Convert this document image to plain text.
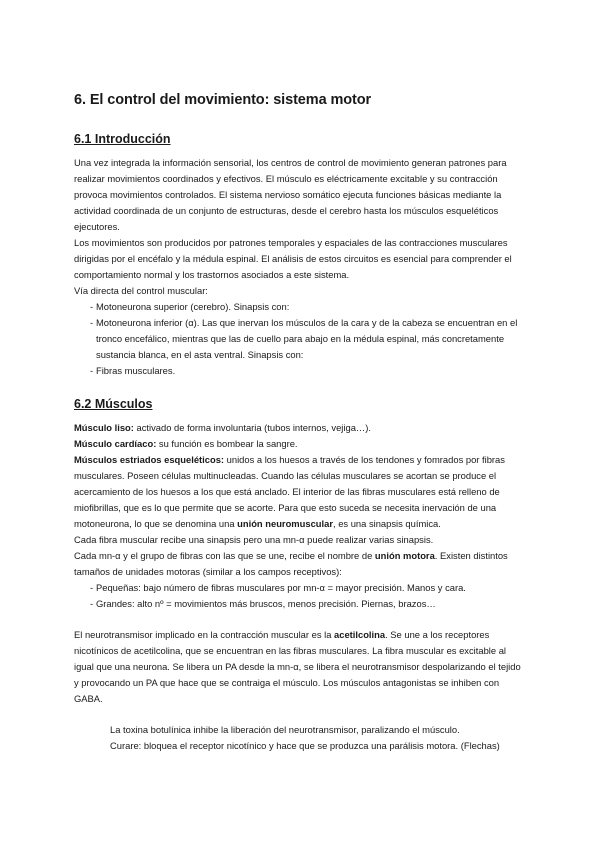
6. El control del movimiento: sistema motor
6.1 Introducción

Una vez integrada la información sensorial, los centros de control de movimiento generan patrones para realizar movimientos coordinados y efectivos. El músculo es eléctricamente excitable y su contracción provoca movimientos controlados. El sistema nervioso somático ejecuta funciones básicas mediante la actividad coordinada de un conjunto de estructuras, desde el cerebro hasta los músculos esqueléticos ejecutores.

Los movimientos son producidos por patrones temporales y espaciales de las contracciones musculares dirigidas por el encéfalo y la médula espinal. El análisis de estos circuitos es esencial para comprender el comportamiento normal y los trastornos asociados a este sistema.

Vía directa del control muscular:

- Motoneurona superior (cerebro). Sinapsis con:
- Motoneurona inferior (α). Las que inervan los músculos de la cara y de la cabeza se encuentran en el tronco encefálico, mientras que las de cuello para abajo en la médula espinal, más concretamente sustancia blanca, en el asta ventral. Sinapsis con:
- Fibras musculares.
6.2 Músculos

Músculo liso: activado de forma involuntaria (tubos internos, vejiga…).

Músculo cardíaco: su función es bombear la sangre.

Músculos estriados esqueléticos: unidos a los huesos a través de los tendones y fomrados por fibras musculares. Poseen células multinucleadas. Cuando las células musculares se acortan se produce el acercamiento de los huesos a los que está anclado. El interior de las fibras musculares está relleno de miofibrillas, que es lo que permite que se acorte. Para que esto suceda se necesita inervación de una motoneurona, lo que se denomina una unión neuromuscular, es una sinapsis química.

Cada fibra muscular recibe una sinapsis pero una mn-α puede realizar varias sinapsis.

Cada mn-α y el grupo de fibras con las que se une, recibe el nombre de unión motora. Existen distintos tamaños de unidades motoras (similar a los campos receptivos):

- Pequeñas: bajo número de fibras musculares por mn-α = mayor precisión. Manos y cara.
- Grandes: alto nº = movimientos más bruscos, menos precisión. Piernas, brazos…

El neurotransmisor implicado en la contracción muscular es la acetilcolina. Se une a los receptores nicotínicos de acetilcolina, que se encuentran en las fibras musculares. La fibra muscular es excitable al igual que una neurona. Se libera un PA desde la mn-α, se libera el neurotransmisor despolarizando el tejido y provocando un PA que hace que se contraiga el músculo. Los músculos antagonistas se inhiben con GABA.

La toxina botulínica inhibe la liberación del neurotransmisor, paralizando el músculo.

Curare: bloquea el receptor nicotínico y hace que se produzca una parálisis motora. (Flechas)
